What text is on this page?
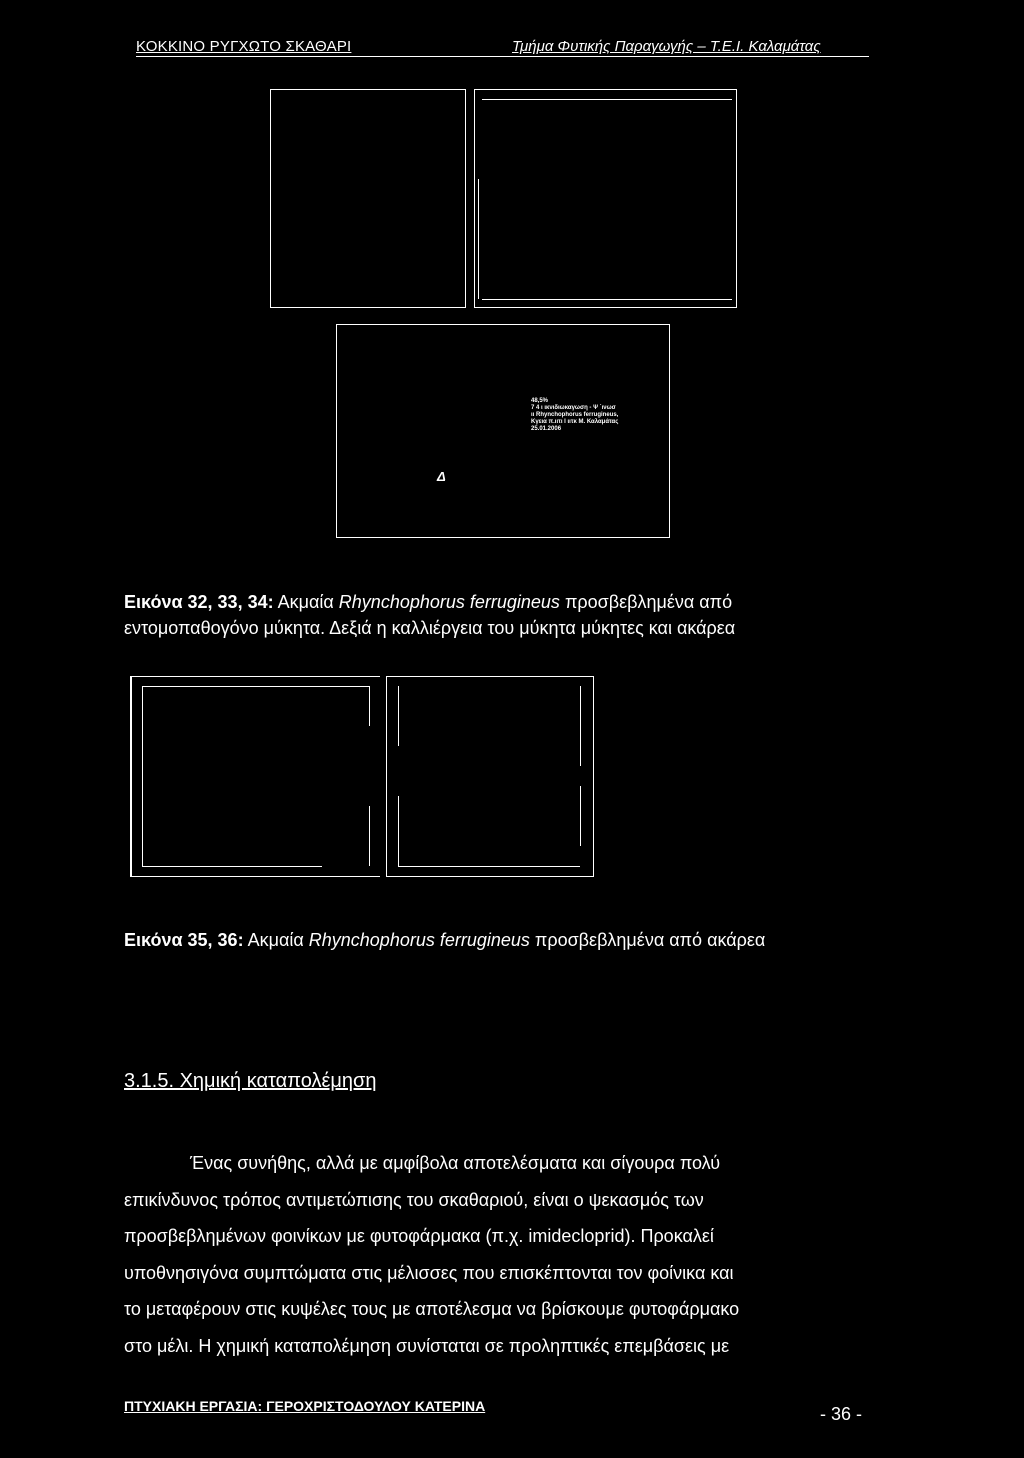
ΚΟΚΚΙΝΟ ΡΥΓΧΩΤΟ ΣΚΑΘΑΡΙ	Τμήμα Φυτικής Παραγωγής – Τ.Ε.Ι. Καλαμάτας
48,5%
7 4 ι ικνιδιωκαγωση - Ψ ΄ινωσ
ιι Rhynchophorus ferrugineus,
Κγεια π.ιιτι Ι ιιτκ Μ. Καλαμάτας
25.01.2006
Δ
Εικόνα 32, 33, 34: Ακμαία Rhynchophorus ferrugineus προσβεβλημένα από
εντομοπαθογόνο μύκητα. Δεξιά η καλλιέργεια του μύκητα μύκητες και ακάρεα
Εικόνα 35, 36: Ακμαία Rhynchophorus ferrugineus προσβεβλημένα από ακάρεα
3.1.5. Χημική καταπολέμηση
Ένας συνήθης, αλλά με αμφίβολα αποτελέσματα και σίγουρα πολύ
επικίνδυνος τρόπος αντιμετώπισης του σκαθαριού, είναι ο ψεκασμός των
προσβεβλημένων φοινίκων με φυτοφάρμακα (π.χ. imidecloprid). Προκαλεί
υποθνησιγόνα συμπτώματα στις μέλισσες που επισκέπτονται τον φοίνικα και
το μεταφέρουν στις κυψέλες τους με αποτέλεσμα να βρίσκουμε φυτοφάρμακο
στο μέλι. Η χημική καταπολέμηση συνίσταται σε προληπτικές επεμβάσεις με
ΠΤΥΧΙΑΚΗ ΕΡΓΑΣΙΑ: ΓΕΡΟΧΡΙΣΤΟΔΟΥΛΟΥ ΚΑΤΕΡΙΝΑ	- 36 -
